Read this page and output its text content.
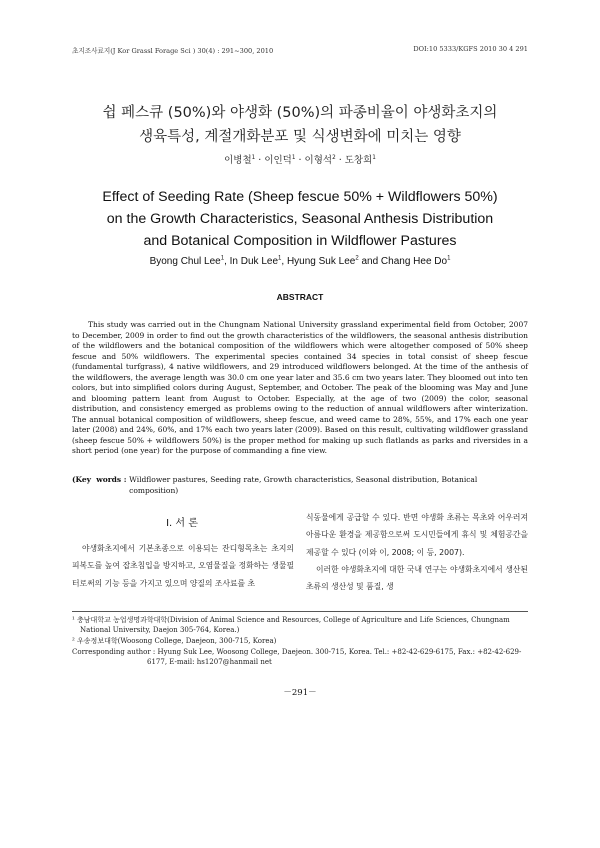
초지조사료지(J Kor Grassl Forage Sci ) 30(4) : 291~300, 2010	DOI:10 5333/KGFS 2010 30 4 291
쉽 페스큐 (50%)와 야생화 (50%)의 파종비율이 야생화초지의
생육특성, 계절개화분포 및 식생변화에 미치는 영향
이병철$^1$ · 이인덕$^1$ · 이형석$^2$ · 도창희$^1$
Effect of Seeding Rate (Sheep fescue 50% + Wildflowers 50%)
on the Growth Characteristics, Seasonal Anthesis Distribution
and Botanical Composition in Wildflower Pastures
Byong Chul Lee$^1$, In Duk Lee$^1$, Hyung Suk Lee$^2$ and Chang Hee Do$^1$
ABSTRACT
This study was carried out in the Chungnam National University grassland experimental field from October, 2007 to December, 2009 in order to find out the growth characteristics of the wildflowers, the seasonal anthesis distribution of the wildflowers and the botanical composition of the wildflowers which were altogether composed of 50% sheep fescue and 50% wildflowers. The experimental species contained 34 species in total consist of sheep fescue (fundamental turfgrass), 4 native wildflowers, and 29 introduced wildflowers belonged. At the time of the anthesis of the wildflowers, the average length was 30.0 cm one year later and 35.6 cm two years later. They bloomed out into ten colors, but into simplified colors during August, September, and October. The peak of the blooming was May and June and blooming pattern leant from August to October. Especially, at the age of two (2009) the color, seasonal distribution, and consistency emerged as problems owing to the reduction of annual wildflowers after winterization. The annual botanical composition of wildflowers, sheep fescue, and weed came to 28%, 55%, and 17% each one year later (2008) and 24%, 60%, and 17% each two years later (2009). Based on this result, cultivating wildflower grassland (sheep fescue 50% + wildflowers 50%) is the proper method for making up such flatlands as parks and riversides in a short period (one year) for the purpose of commanding a fine view.
(Key  words : Wildflower pastures, Seeding rate, Growth characteristics, Seasonal distribution, Botanical composition)
Ⅰ. 서 론
야생화초지에서 기본초종으로 이용되는 잔디형목초는 초지의 피복도를 높여 잡초침입을 방지하고, 오염물질을 정화하는 생물필터로써의 기능 등을 가지고 있으며 양질의 조사료를 초
식동물에게 공급할 수 있다. 반면 야생화 초류는 목초와 어우러져 아름다운 환경을 제공함으로써 도시민들에게 휴식 및 체험공간을 제공할 수 있다 (이와 이, 2008; 이 등, 2007).
이러한 야생화초지에 대한 국내 연구는 야생화초지에서 생산된 초류의 생산성 및 품질, 생
¹ 충남대학교 농업생명과학대학(Division of Animal Science and Resources, College of Agriculture and Life Sciences, Chungnam National University, Daejon 305-764, Korea.)
² 우송정보대학(Woosong College, Daejeon, 300-715, Korea)
Corresponding author : Hyung Suk Lee, Woosong College, Daejeon. 300-715, Korea. Tel.: +82-42-629-6175, Fax.: +82-42-629-6177, E-mail: hs1207@hanmail net
－291－
